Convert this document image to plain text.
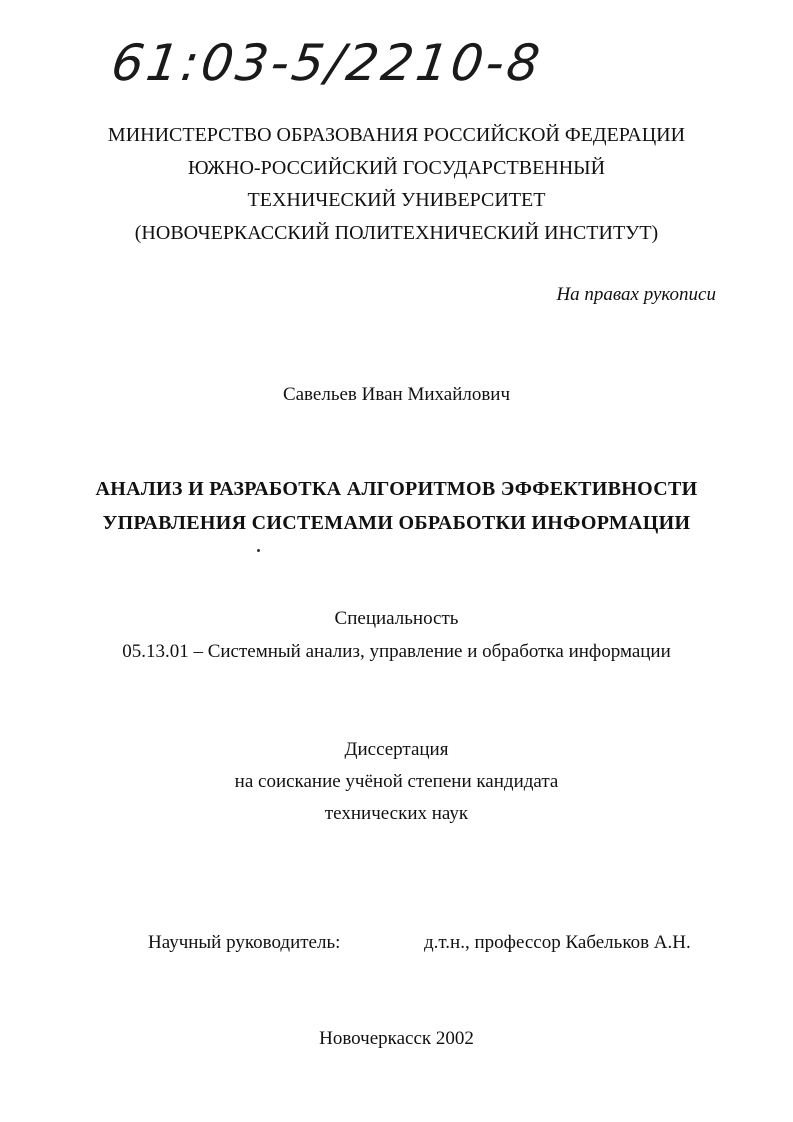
61:03-5/2210-8
МИНИСТЕРСТВО ОБРАЗОВАНИЯ РОССИЙСКОЙ ФЕДЕРАЦИИ
ЮЖНО-РОССИЙСКИЙ ГОСУДАРСТВЕННЫЙ
ТЕХНИЧЕСКИЙ УНИВЕРСИТЕТ
(НОВОЧЕРКАССКИЙ ПОЛИТЕХНИЧЕСКИЙ ИНСТИТУТ)
На правах рукописи
Савельев Иван Михайлович
АНАЛИЗ И РАЗРАБОТКА АЛГОРИТМОВ ЭФФЕКТИВНОСТИ
УПРАВЛЕНИЯ СИСТЕМАМИ ОБРАБОТКИ ИНФОРМАЦИИ
Специальность
05.13.01 – Системный анализ, управление и обработка информации
Диссертация
на соискание учёной степени кандидата
технических наук
Научный руководитель:	д.т.н., профессор Кабельков А.Н.
Новочеркасск 2002
